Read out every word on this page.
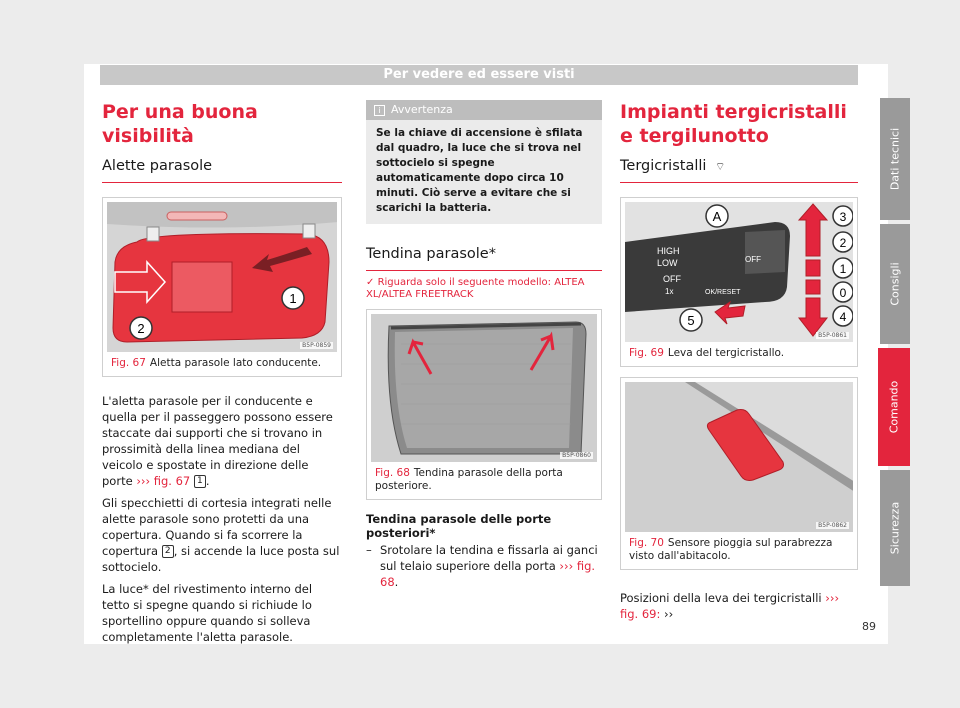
Per vedere ed essere visti
Per una buona visibilità
Alette parasole
1
2
B5P-0859
Fig. 67 Aletta parasole lato conducente.
L'aletta parasole per il conducente e quella per il passeggero possono essere staccate dai supporti che si trovano in prossimità della linea mediana del veicolo e spostate in direzione delle porte ››› fig. 67 1 .
Gli specchietti di cortesia integrati nelle alette parasole sono protetti da una copertura. Quando si fa scorrere la copertura 2 , si accende la luce posta sul sottocielo.
La luce* del rivestimento interno del tetto si spegne quando si richiude lo sportellino oppure quando si solleva completamente l'aletta parasole.
i Avvertenza
Se la chiave di accensione è sfilata dal quadro, la luce che si trova nel sottocielo si spegne automaticamente dopo circa 10 minuti. Ciò serve a evitare che si scarichi la batteria.
Tendina parasole*
✓ Riguarda solo il seguente modello: ALTEA XL/ALTEA FREETRACK
B5P-0860
Fig. 68 Tendina parasole della porta posteriore.
Tendina parasole delle porte posteriori*
– Srotolare la tendina e fissarla ai ganci sul telaio superiore della porta ››› fig. 68.
Impianti tergicristalli e tergilunotto
Tergicristalli ⌔
HIGH
LOW
OFF
1x	OK/RESET
OFF
A
5
3
2
1
0
4
B5P-0861
Fig. 69 Leva del tergicristallo.
B5P-0862
Fig. 70 Sensore pioggia sul parabrezza visto dall'abitacolo.
Posizioni della leva dei tergicristalli ››› fig. 69: ››
Dati tecnici
Consigli
Comando
Sicurezza
89
